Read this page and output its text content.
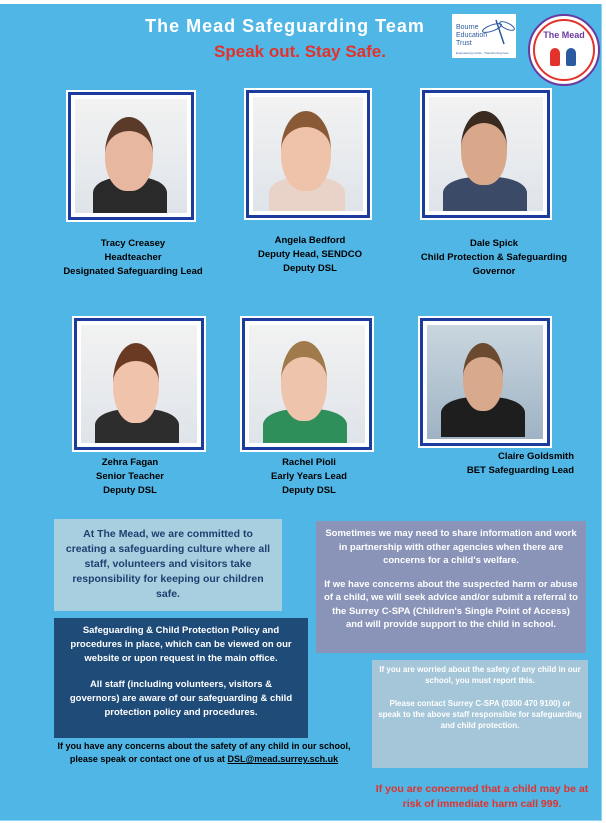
The Mead Safeguarding Team
Speak out. Stay Safe.
Bourne Education Trust
Empowering minds - Transforming lives
The Mead
Tracy Creasey
Headteacher
Designated Safeguarding Lead
Angela Bedford
Deputy Head, SENDCO
Deputy DSL
Dale Spick
Child Protection & Safeguarding
Governor
Zehra Fagan
Senior Teacher
Deputy DSL
Rachel Pioli
Early Years Lead
Deputy DSL
Claire Goldsmith
BET Safeguarding Lead

At The Mead, we are committed to creating a safeguarding culture where all staff, volunteers and visitors take responsibility for keeping our children safe.

Safeguarding & Child Protection Policy and procedures in place, which can be viewed on our website or upon request in the main office.

All staff (including volunteers, visitors & governors) are aware of our safeguarding & child protection policy and procedures.

If you have any concerns about the safety of any child in our school, please speak or contact one of us at DSL@mead.surrey.sch.uk

Sometimes we may need to share information and work in partnership with other agencies when there are concerns for a child's welfare.

If we have concerns about the suspected harm or abuse of a child, we will seek advice and/or submit a referral to the Surrey C-SPA (Children's Single Point of Access) and will provide support to the child in school.

If you are worried about the safety of any child in our school, you must report this.

Please contact Surrey C-SPA (0300 470 9100) or speak to the above staff responsible for safeguarding and child protection.

If you are concerned that a child may be at risk of immediate harm call 999.
